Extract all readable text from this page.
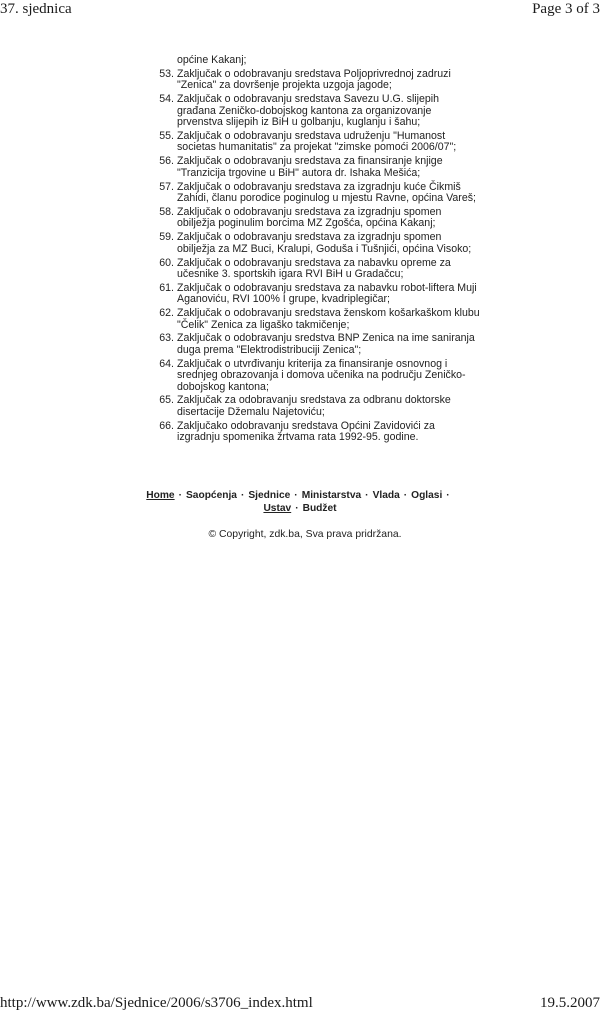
37. sjednica	Page 3 of 3
općine Kakanj;
53. Zaključak o odobravanju sredstava Poljoprivrednoj zadruzi "Zenica" za dovršenje projekta uzgoja jagode;
54. Zaključak o odobravanju sredstava Savezu U.G. slijepih građana Zeničko-dobojskog kantona za organizovanje prvenstva slijepih iz BiH u golbanju, kuglanju i šahu;
55. Zaključak o odobravanju sredstava udruženju "Humanost societas humanitatis" za projekat "zimske pomoći 2006/07";
56. Zaključak o odobravanju sredstava za finansiranje knjige "Tranzicija trgovine u BiH" autora dr. Ishaka Mešića;
57. Zaključak o odobravanju sredstava za izgradnju kuće Čikmiš Zahidi, članu porodice poginulog u mjestu Ravne, općina Vareš;
58. Zaključak o odobravanju sredstava za izgradnju spomen obilježja poginulim borcima MZ Zgošća, općina Kakanj;
59. Zaključak o odobravanju sredstava za izgradnju spomen obilježja za MZ Buci, Kralupi, Goduša i Tušnjići, općina Visoko;
60. Zaključak o odobravanju sredstava za nabavku opreme za učesnike 3. sportskih igara RVI BiH u Gradačcu;
61. Zaključak o odobravanju sredstava za nabavku robot-liftera Muji Aganoviću, RVI 100% I grupe, kvadriplegičar;
62. Zaključak o odobravanju sredstava ženskom košarkaškom klubu "Čelik" Zenica za ligaško takmičenje;
63. Zaključak o odobravanju sredstva BNP Zenica na ime saniranja duga prema "Elektrodistribuciji Zenica";
64. Zaključak o utvrđivanju kriterija za finansiranje osnovnog i srednjeg obrazovanja i domova učenika na području Zeničko-dobojskog kantona;
65. Zaključak za odobravanju sredstava za odbranu doktorske disertacije Džemalu Najetoviću;
66. Zaključako odobravanju sredstava Općini Zavidovići za izgradnju spomenika žrtvama rata 1992-95. godine.
Home · Saopćenja · Sjednice · Ministarstva · Vlada · Oglasi ·
Ustav · Budžet
© Copyright, zdk.ba, Sva prava pridržana.
http://www.zdk.ba/Sjednice/2006/s3706_index.html	19.5.2007
